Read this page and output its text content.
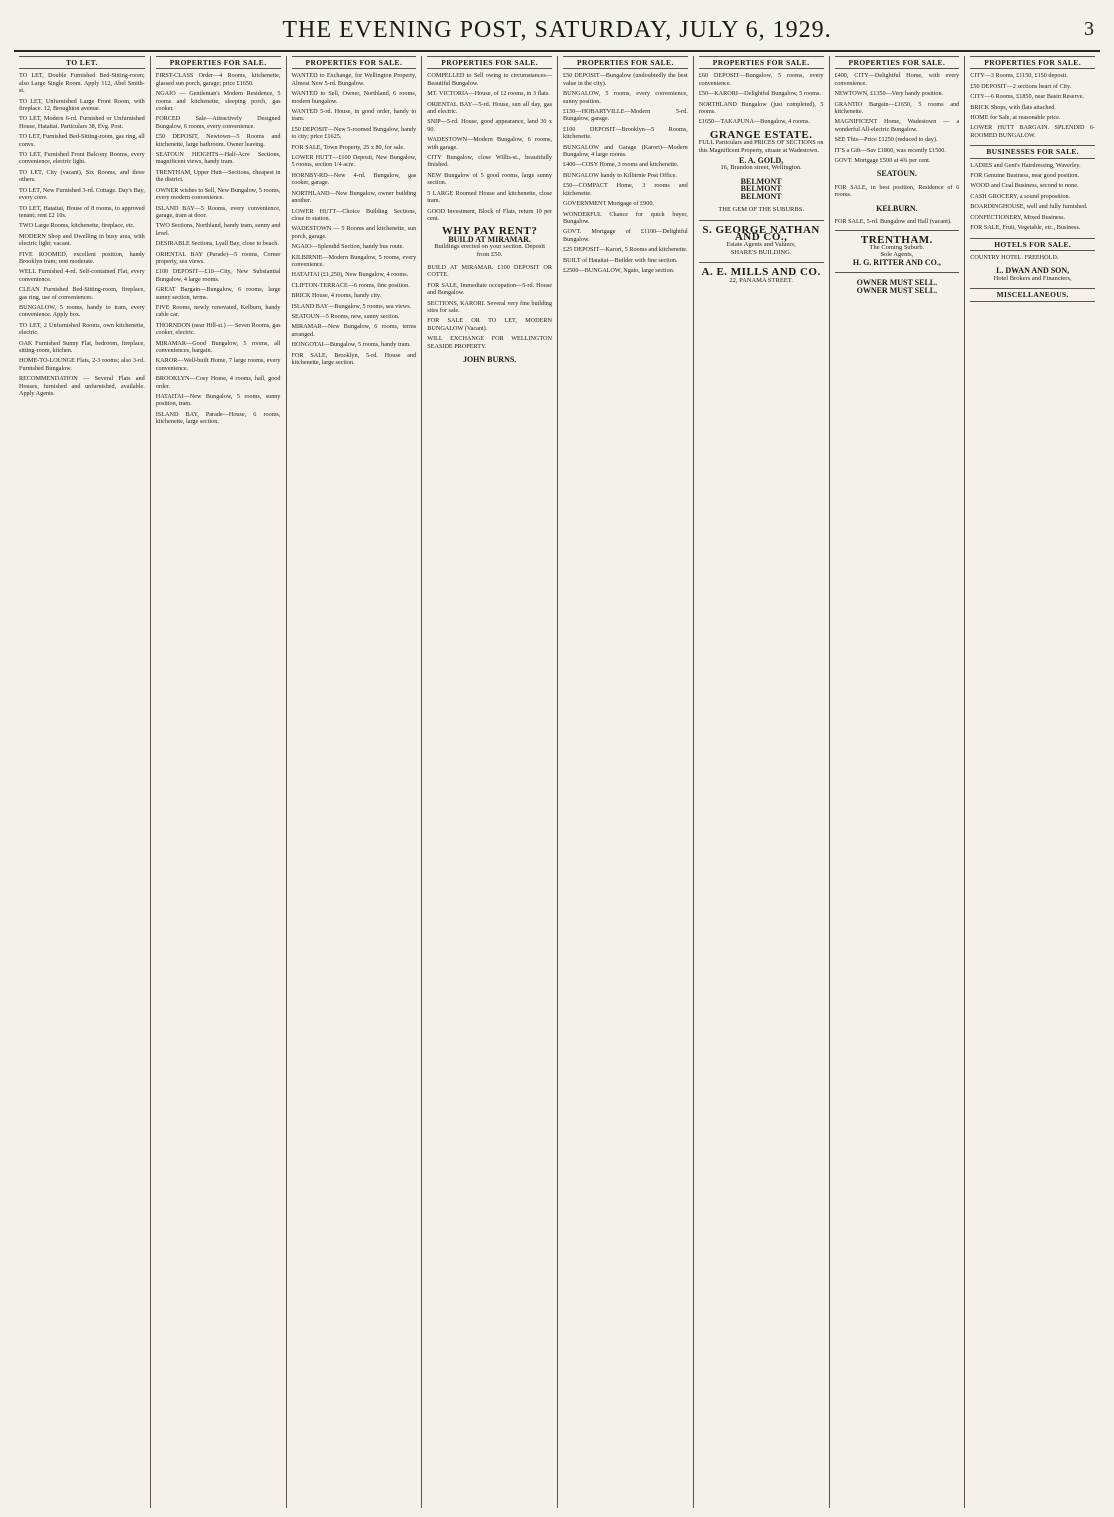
THE EVENING POST, SATURDAY, JULY 6, 1929.	3
TO LET.

TO LET, Double Furnished Bed-Sitting-room; also Large Single Room. Apply 112, Abel Smith-st.

TO LET, Unfurnished Large Front Room, with fireplace. 12, Broughton avenue.

TO LET, Modern 6-rd. Furnished or Unfurnished House, Hataitai. Particulars 38, Evg. Post.

TO LET, Furnished Bed-Sitting-room, gas ring, all convs.

TO LET, Furnished Front Balcony Rooms, every convenience, electric light.

TO LET, City (vacant), Six Rooms, and three others.

TO LET, New Furnished 3-rd. Cottage. Day's Bay, every conv.

TO LET, Hataitai, House of 8 rooms, to approved tenant; rent £2 10s.

TWO Large Rooms, kitchenette, fireplace, etc.

MODERN Shop and Dwelling in busy area, with electric light; vacant.

FIVE ROOMED, excellent position, handy Brooklyn tram; rent moderate.

WELL Furnished 4-rd. Self-contained Flat, every convenience.

CLEAN Furnished Bed-Sitting-room, fireplace, gas ring, use of conveniences.

BUNGALOW, 5 rooms, handy to tram, every convenience. Apply box.

TO LET, 2 Unfurnished Rooms, own kitchenette, electric.

OAK Furnished Sunny Flat, bedroom, fireplace, sitting-room, kitchen.

HOME-TO-LOUNGE Flats, 2-3 rooms; also 3-rd. Furnished Bungalow.

RECOMMENDATION — Several Flats and Houses, furnished and unfurnished, available. Apply Agents.

PROPERTIES FOR SALE.

FIRST-CLASS Order—4 Rooms, kitchenette, glassed sun porch, garage; price £1650.

NGAIO — Gentleman's Modern Residence, 5 rooms and kitchenette, sleeping porch, gas cooker.

FORCED Sale—Attractively Designed Bungalow, 6 rooms, every convenience.

£50 DEPOSIT, Newtown—5 Rooms and kitchenette, large bathroom. Owner leaving.

SEATOUN HEIGHTS—Half-Acre Sections, magnificent views, handy tram.

TRENTHAM, Upper Hutt—Sections, cheapest in the district.

OWNER wishes to Sell, New Bungalow, 5 rooms, every modern convenience.

ISLAND BAY—5 Rooms, every convenience, garage, tram at door.

TWO Sections, Northland, handy tram, sunny and level.

DESIRABLE Sections, Lyall Bay, close to beach.

ORIENTAL BAY (Parade)—5 rooms, Corner property, sea views.

£100 DEPOSIT—£10—City, New Substantial Bungalow, 4 large rooms.

GREAT Bargain—Bungalow, 6 rooms, large sunny section, terms.

FIVE Rooms, newly renovated, Kelburn, handy cable car.

THORNDON (near Hill-st.) — Seven Rooms, gas cooker, electric.

MIRAMAR—Good Bungalow, 5 rooms, all conveniences, bargain.

KAROR—Well-built Home, 7 large rooms, every convenience.

BROOKLYN—Cosy Home, 4 rooms, hall, good order.

HATAITAI—New Bungalow, 5 rooms, sunny position, tram.

ISLAND BAY, Parade—House, 6 rooms, kitchenette, large section.

PROPERTIES FOR SALE.

WANTED to Exchange, for Wellington Property, Almost New 5-rd. Bungalow.

WANTED to Sell, Owner, Northland, 6 rooms, modern bungalow.

WANTED 5-rd. House, in good order, handy to tram.

£50 DEPOSIT—New 5-roomed Bungalow, handy to city; price £1625.

FOR SALE, Town Property, 25 x 80, for sale.

LOWER HUTT—£100 Deposit, New Bungalow, 5 rooms, section 1/4 acre.

HORNBY-RD—New 4-rd. Bungalow, gas cooker, garage.

NORTHLAND—New Bungalow, owner building another.

LOWER HUTT—Choice Building Sections, close to station.

WADESTOWN — 5 Rooms and kitchenette, sun porch, garage.

NGAIO—Splendid Section, handy bus route.

KILBIRNIE—Modern Bungalow, 5 rooms, every convenience.

HATAITAI (£1,250), New Bungalow, 4 rooms.

CLIFTON-TERRACE—6 rooms, fine position.

BRICK House, 4 rooms, handy city.

ISLAND BAY—Bungalow, 5 rooms, sea views.

SEATOUN—5 Rooms, new, sunny section.

MIRAMAR—New Bungalow, 6 rooms, terms arranged.

HONGOTAI—Bungalow, 5 rooms, handy tram.

FOR SALE, Brooklyn, 5-rd. House and kitchenette, large section.

PROPERTIES FOR SALE.

COMPELLED to Sell owing to circumstances—Beautiful Bungalow.

MT. VICTORIA—House, of 12 rooms, in 3 flats.

ORIENTAL BAY—5-rd. House, sun all day, gas and electric.

SNIP—5-rd. House, good appearance, land 30 x 90.

WADESTOWN—Modern Bungalow, 6 rooms, with garage.

CITY Bungalow, close Willis-st., beautifully finished.

NEW Bungalow of 5 good rooms, large sunny section.

5 LARGE Roomed House and kitchenette, close tram.

GOOD Investment, Block of Flats, return 10 per cent.

WHY PAY RENT?
BUILD AT MIRAMAR.
Buildings erected on your section. Deposit from £50.

BUILD AT MIRAMAR. £100 DEPOSIT OR COTTE.

FOR SALE, Immediate occupation—5-rd. House and Bungalow.

SECTIONS, KARORI. Several very fine building sites for sale.

FOR SALE OR TO LET, MODERN BUNGALOW (Vacant).

WILL EXCHANGE FOR WELLINGTON SEASIDE PROPERTY.

JOHN BURNS.
PROPERTIES FOR SALE.

£50 DEPOSIT—Bungalow (undoubtedly the best value in the city).

BUNGALOW, 5 rooms, every convenience, sunny position.

£150—HOBARTVILLE—Modern 5-rd. Bungalow, garage.

£100 DEPOSIT—Brooklyn—5 Rooms, kitchenette.

BUNGALOW and Garage (Karori)—Modern Bungalow, 4 large rooms.

£400—COSY Home, 3 rooms and kitchenette.

BUNGALOW handy to Kilbirnie Post Office.

£50—COMPACT Home, 3 rooms and kitchenette.

GOVERNMENT Mortgage of £900.

WONDERFUL Chance for quick buyer, Bungalow.

GOVT. Mortgage of £1100—Delightful Bungalow.

£25 DEPOSIT—Karori, 5 Rooms and kitchenette.

BUILT of Hataitai—Builder with fine section.

£2500—BUNGALOW, Ngaio, large section.

PROPERTIES FOR SALE.

£60 DEPOSIT—Bungalow, 5 rooms, every convenience.

£50—KARORI—Delightful Bungalow, 5 rooms.

NORTHLAND Bungalow (just completed), 5 rooms.

£1650—TAKAPUNA—Bungalow, 4 rooms.

GRANGE ESTATE.

FULL Particulars and PRICES OF SECTIONS on this Magnificent Property, situate at Wadestown.

E. A. GOLD,
16, Brandon street, Wellington.
BELMONT
BELMONT
BELMONT
THE GEM OF THE SUBURBS.
S. GEORGE NATHAN AND CO.,
Estate Agents and Valuers,
SHARE'S BUILDING.
A. E. MILLS AND CO.
22, PANAMA STREET.
PROPERTIES FOR SALE.

£400, CITY—Delightful Home, with every convenience.

NEWTOWN, £1350—Very handy position.

GRANTIO Bargain—£1650, 5 rooms and kitchenette.

MAGNIFICENT Home, Wadestown — a wonderful All-electric Bungalow.

SEE This—Price £1250 (reduced to day).

IT'S a Gift—Sav £1860, was recently £1500.

GOVT. Mortgage £500 at 4¾ per cent.

SEATOUN.

FOR SALE, in best position, Residence of 6 rooms.

KELBURN.

FOR SALE, 5-rd. Bungalow and Hall (vacant).

TRENTHAM.
The Coming Suburb.
Sole Agents,
H. G. RITTER AND CO.,
OWNER MUST SELL.
OWNER MUST SELL.
PROPERTIES FOR SALE.

CITY—3 Rooms, £1150, £150 deposit.

£50 DEPOSIT—2 sections heart of City.

CITY—6 Rooms, £1850, near Basin Reserve.

BRICK Shops, with flats attached.

HOME for Sale, at reasonable price.

LOWER HUTT BARGAIN. SPLENDID 6-ROOMED BUNGALOW.

BUSINESSES FOR SALE.

LADIES and Gent's Hairdressing, Waverley.

FOR Genuine Business, near good position.

WOOD and Coal Business, second to none.

CASH GROCERY, a sound proposition.

BOARDINGHOUSE, well and fully furnished.

CONFECTIONERY, Mixed Business.

FOR SALE, Fruit, Vegetable, etc., Business.

HOTELS FOR SALE.

COUNTRY HOTEL. FREEHOLD.

L. DWAN AND SON,
Hotel Brokers and Financiers,
MISCELLANEOUS.
